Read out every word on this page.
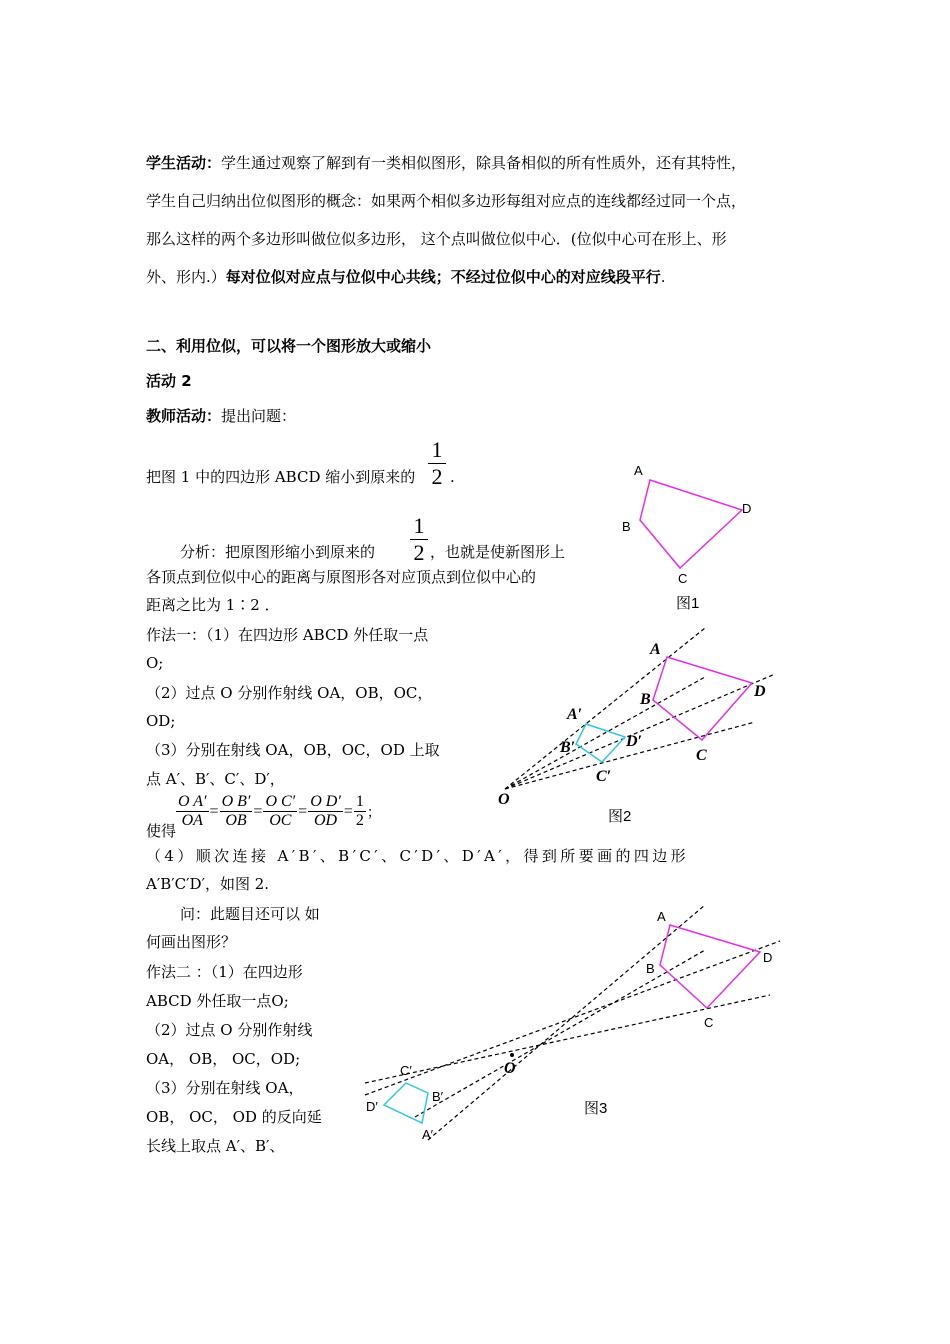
学生活动：学生通过观察了解到有一类相似图形，除具备相似的所有性质外，还有其特性，
学生自己归纳出位似图形的概念：如果两个相似多边形每组对应点的连线都经过同一个点，
那么这样的两个多边形叫做位似多边形， 这个点叫做位似中心．(位似中心可在形上、形
外、形内.）每对位似对应点与位似中心共线；不经过位似中心的对应线段平行.
二、利用位似，可以将一个图形放大或缩小
活动 2
教师活动：提出问题：
把图 1 中的四边形 ABCD 缩小到原来的
1
2 .
分析：把原图形缩小到原来的
1
2 ，也就是使新图形上
各顶点到位似中心的距离与原图形各对应顶点到位似中心的
距离之比为 1∶2 ．
作法一：（1）在四边形 ABCD 外任取一点
O;
（2）过点 O 分别作射线 OA，OB，OC，
OD;
（3）分别在射线 OA，OB，OC，OD 上取
点 A′、B′、C′、D′，
使得
$\frac{\text{O A′}}{OA} = \frac{\text{O B′}}{OB} = \frac{\text{O C′}}{OC} = \frac{\text{O D′}}{OD} = \frac{1}{2}$ ；
（4）顺次连接 A′B′、B′C′、C′D′、D′A′，得到所要画的四边形
A′B′C′D′，如图 2.
问：此题目还可以 如
何画出图形？
作法二 ：（1）在四边形
ABCD 外任取一点O;
（2）过点 O 分别作射线
OA， OB， OC，OD;
（3）分别在射线 OA，
OB， OC， OD 的反向延
长线上取点 A′、B′、
A
B
C
D
图1
A
B
C
D
A′
B′
C′
D′
O
图2
A
B
C
D
C′
B′
A′
D′
O
图3
